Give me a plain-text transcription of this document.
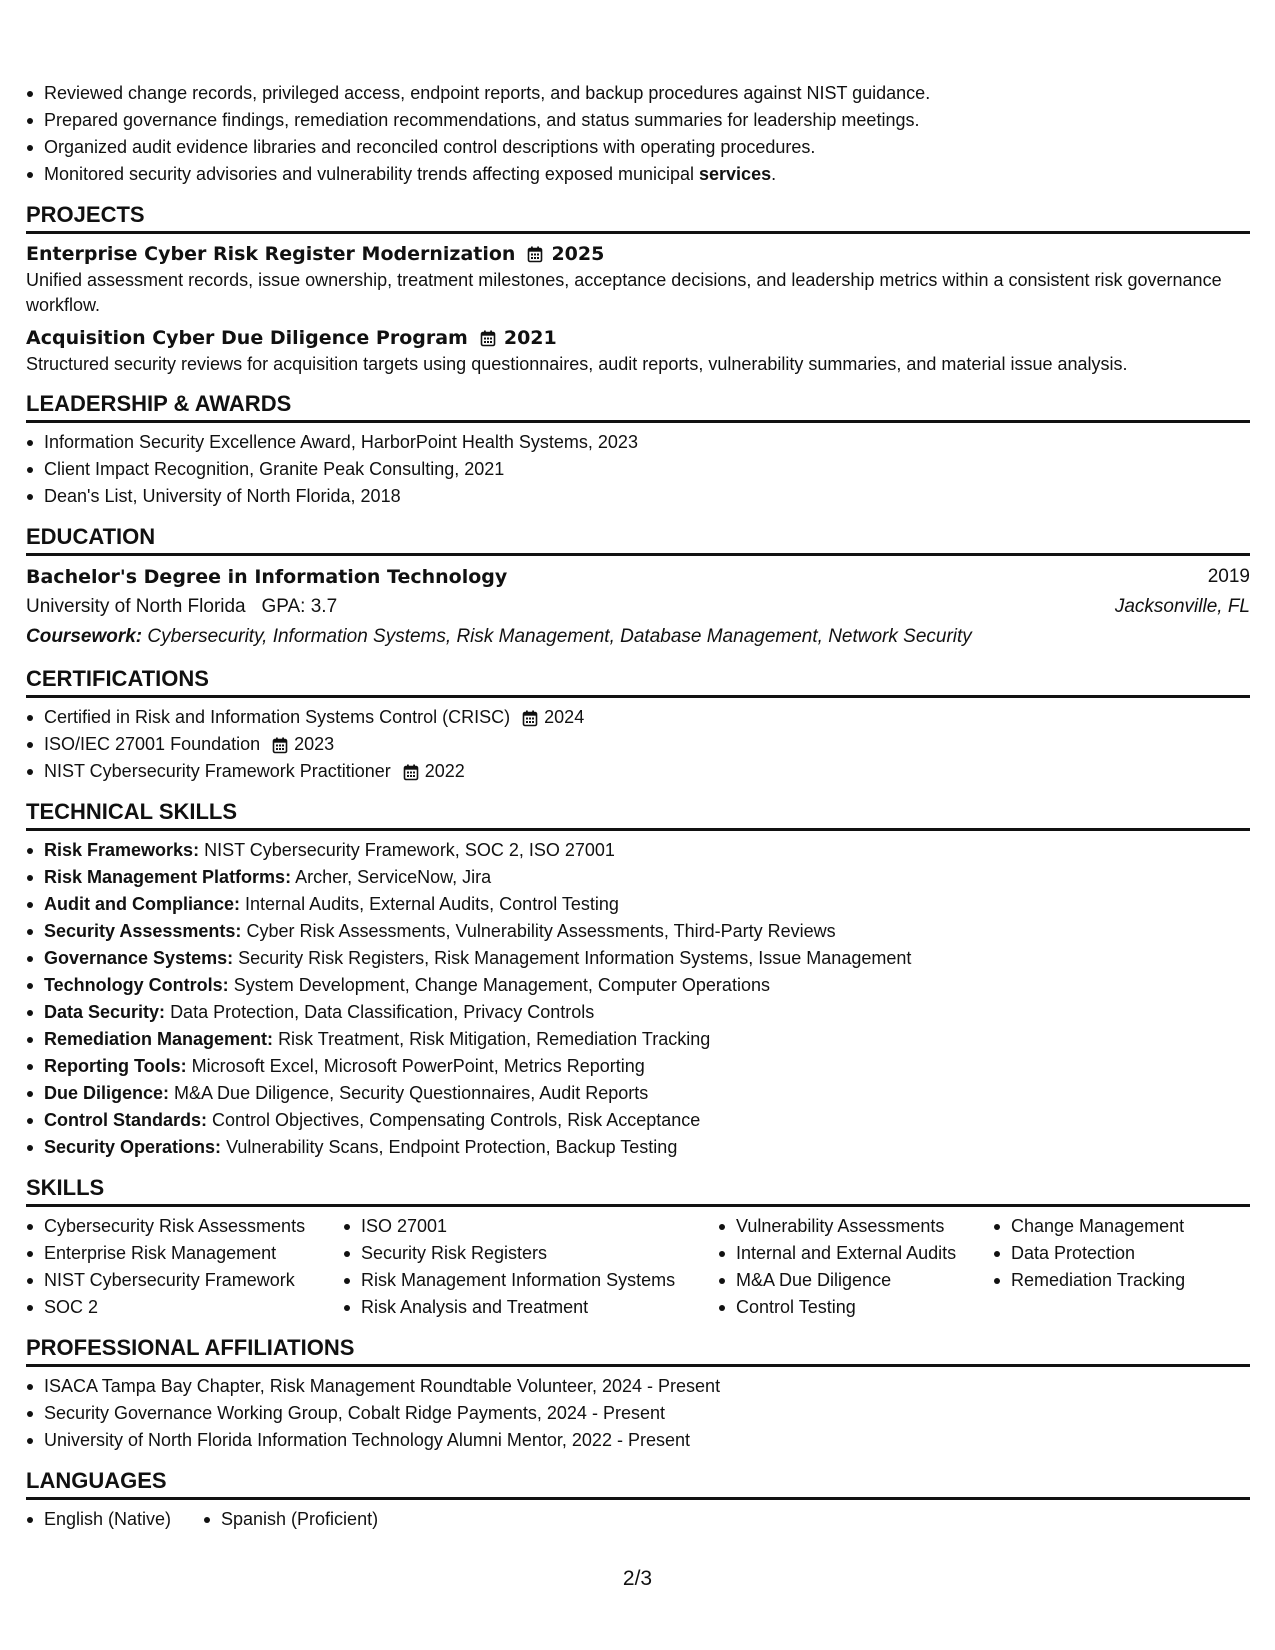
Reviewed change records, privileged access, endpoint reports, and backup procedures against NIST guidance.
Prepared governance findings, remediation recommendations, and status summaries for leadership meetings.
Organized audit evidence libraries and reconciled control descriptions with operating procedures.
Monitored security advisories and vulnerability trends affecting exposed municipal services.
PROJECTS
Enterprise Cyber Risk Register Modernization 2025
Unified assessment records, issue ownership, treatment milestones, acceptance decisions, and leadership metrics within a consistent risk governance workflow.
Acquisition Cyber Due Diligence Program 2021
Structured security reviews for acquisition targets using questionnaires, audit reports, vulnerability summaries, and material issue analysis.
LEADERSHIP & AWARDS
Information Security Excellence Award, HarborPoint Health Systems, 2023
Client Impact Recognition, Granite Peak Consulting, 2021
Dean's List, University of North Florida, 2018
EDUCATION
Bachelor's Degree in Information Technology	2019
University of North Florida GPA: 3.7	Jacksonville, FL
Coursework: Cybersecurity, Information Systems, Risk Management, Database Management, Network Security
CERTIFICATIONS
Certified in Risk and Information Systems Control (CRISC) 2024
ISO/IEC 27001 Foundation 2023
NIST Cybersecurity Framework Practitioner 2022
TECHNICAL SKILLS
Risk Frameworks: NIST Cybersecurity Framework, SOC 2, ISO 27001
Risk Management Platforms: Archer, ServiceNow, Jira
Audit and Compliance: Internal Audits, External Audits, Control Testing
Security Assessments: Cyber Risk Assessments, Vulnerability Assessments, Third-Party Reviews
Governance Systems: Security Risk Registers, Risk Management Information Systems, Issue Management
Technology Controls: System Development, Change Management, Computer Operations
Data Security: Data Protection, Data Classification, Privacy Controls
Remediation Management: Risk Treatment, Risk Mitigation, Remediation Tracking
Reporting Tools: Microsoft Excel, Microsoft PowerPoint, Metrics Reporting
Due Diligence: M&A Due Diligence, Security Questionnaires, Audit Reports
Control Standards: Control Objectives, Compensating Controls, Risk Acceptance
Security Operations: Vulnerability Scans, Endpoint Protection, Backup Testing
SKILLS
Cybersecurity Risk Assessments
Enterprise Risk Management
NIST Cybersecurity Framework
SOC 2
ISO 27001
Security Risk Registers
Risk Management Information Systems
Risk Analysis and Treatment
Vulnerability Assessments
Internal and External Audits
M&A Due Diligence
Control Testing
Change Management
Data Protection
Remediation Tracking
PROFESSIONAL AFFILIATIONS
ISACA Tampa Bay Chapter, Risk Management Roundtable Volunteer, 2024 - Present
Security Governance Working Group, Cobalt Ridge Payments, 2024 - Present
University of North Florida Information Technology Alumni Mentor, 2022 - Present
LANGUAGES
English (Native)	Spanish (Proficient)
2/3
